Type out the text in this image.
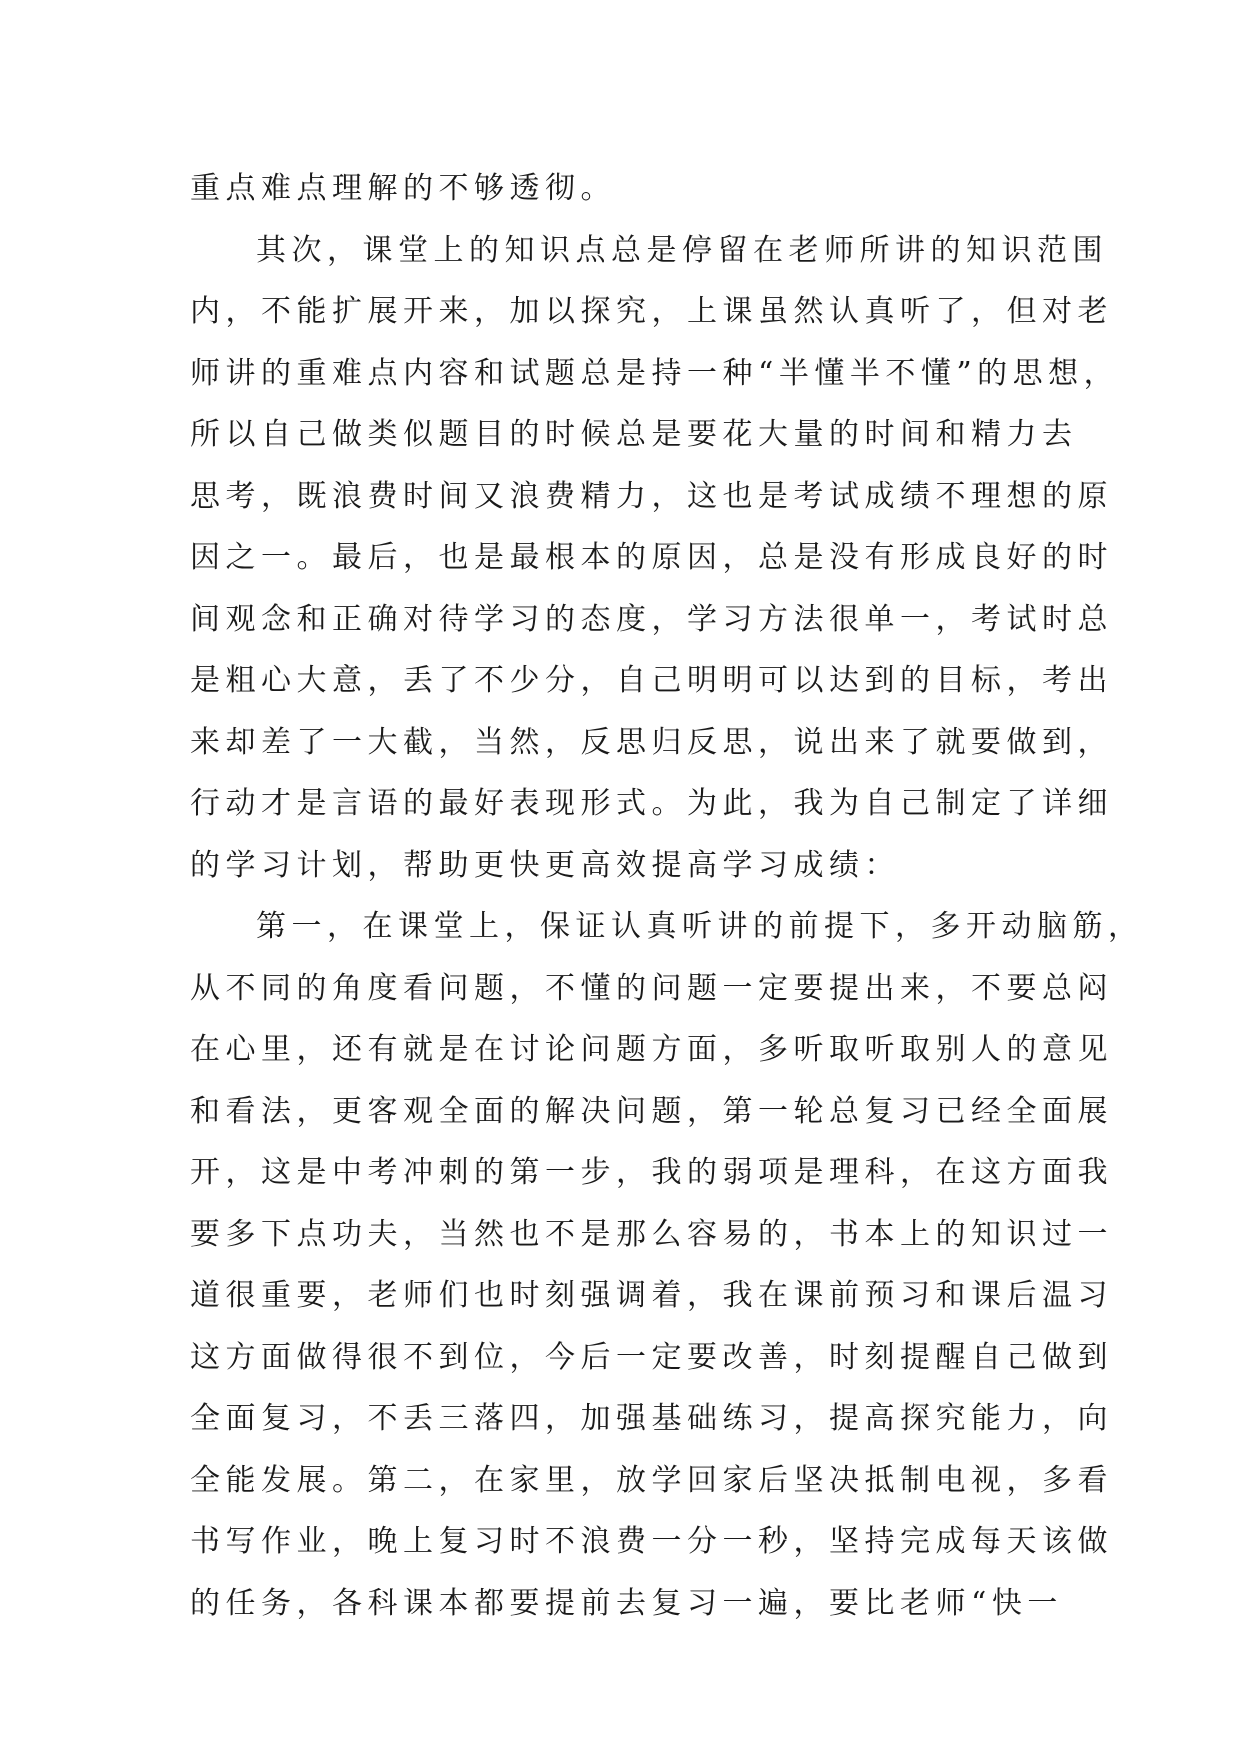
重点难点理解的不够透彻。
其次，课堂上的知识点总是停留在老师所讲的知识范围
内，不能扩展开来，加以探究，上课虽然认真听了，但对老
师讲的重难点内容和试题总是持一种“半懂半不懂”的思想，
所以自己做类似题目的时候总是要花大量的时间和精力去
思考，既浪费时间又浪费精力，这也是考试成绩不理想的原
因之一。最后，也是最根本的原因，总是没有形成良好的时
间观念和正确对待学习的态度，学习方法很单一，考试时总
是粗心大意，丢了不少分，自己明明可以达到的目标，考出
来却差了一大截，当然，反思归反思，说出来了就要做到，
行动才是言语的最好表现形式。为此，我为自己制定了详细
的学习计划，帮助更快更高效提高学习成绩：
第一，在课堂上，保证认真听讲的前提下，多开动脑筋，
从不同的角度看问题，不懂的问题一定要提出来，不要总闷
在心里，还有就是在讨论问题方面，多听取听取别人的意见
和看法，更客观全面的解决问题，第一轮总复习已经全面展
开，这是中考冲刺的第一步，我的弱项是理科，在这方面我
要多下点功夫，当然也不是那么容易的，书本上的知识过一
道很重要，老师们也时刻强调着，我在课前预习和课后温习
这方面做得很不到位，今后一定要改善，时刻提醒自己做到
全面复习，不丢三落四，加强基础练习，提高探究能力，向
全能发展。第二，在家里，放学回家后坚决抵制电视，多看
书写作业，晚上复习时不浪费一分一秒，坚持完成每天该做
的任务，各科课本都要提前去复习一遍，要比老师“快一
